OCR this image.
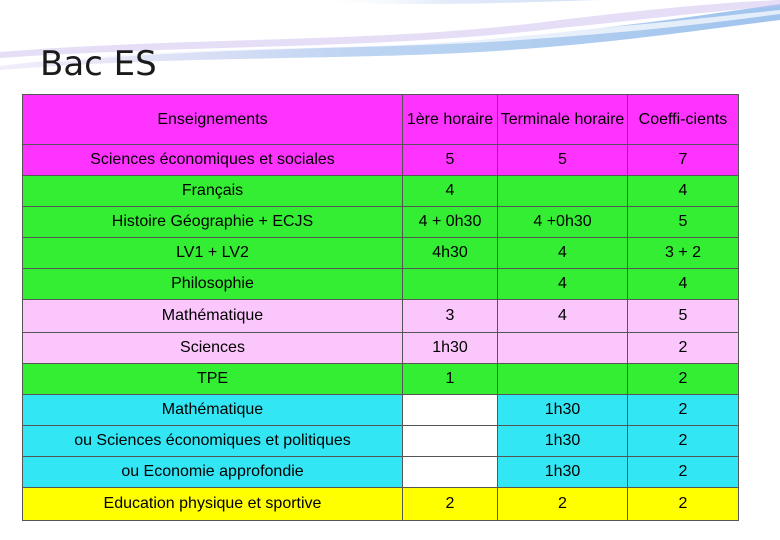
Bac ES
Enseignements	1ère horaire	Terminale horaire	Coeffi-cients
Sciences économiques et sociales	5	5	7
Français	4		4
Histoire Géographie + ECJS	4 + 0h30	4 +0h30	5
LV1 + LV2	4h30	4	3 + 2
Philosophie		4	4
Mathématique	3	4	5
Sciences	1h30		2
TPE	1		2
Mathématique		1h30	2
ou Sciences économiques et politiques		1h30	2
ou Economie approfondie		1h30	2
Education physique et sportive	2	2	2
